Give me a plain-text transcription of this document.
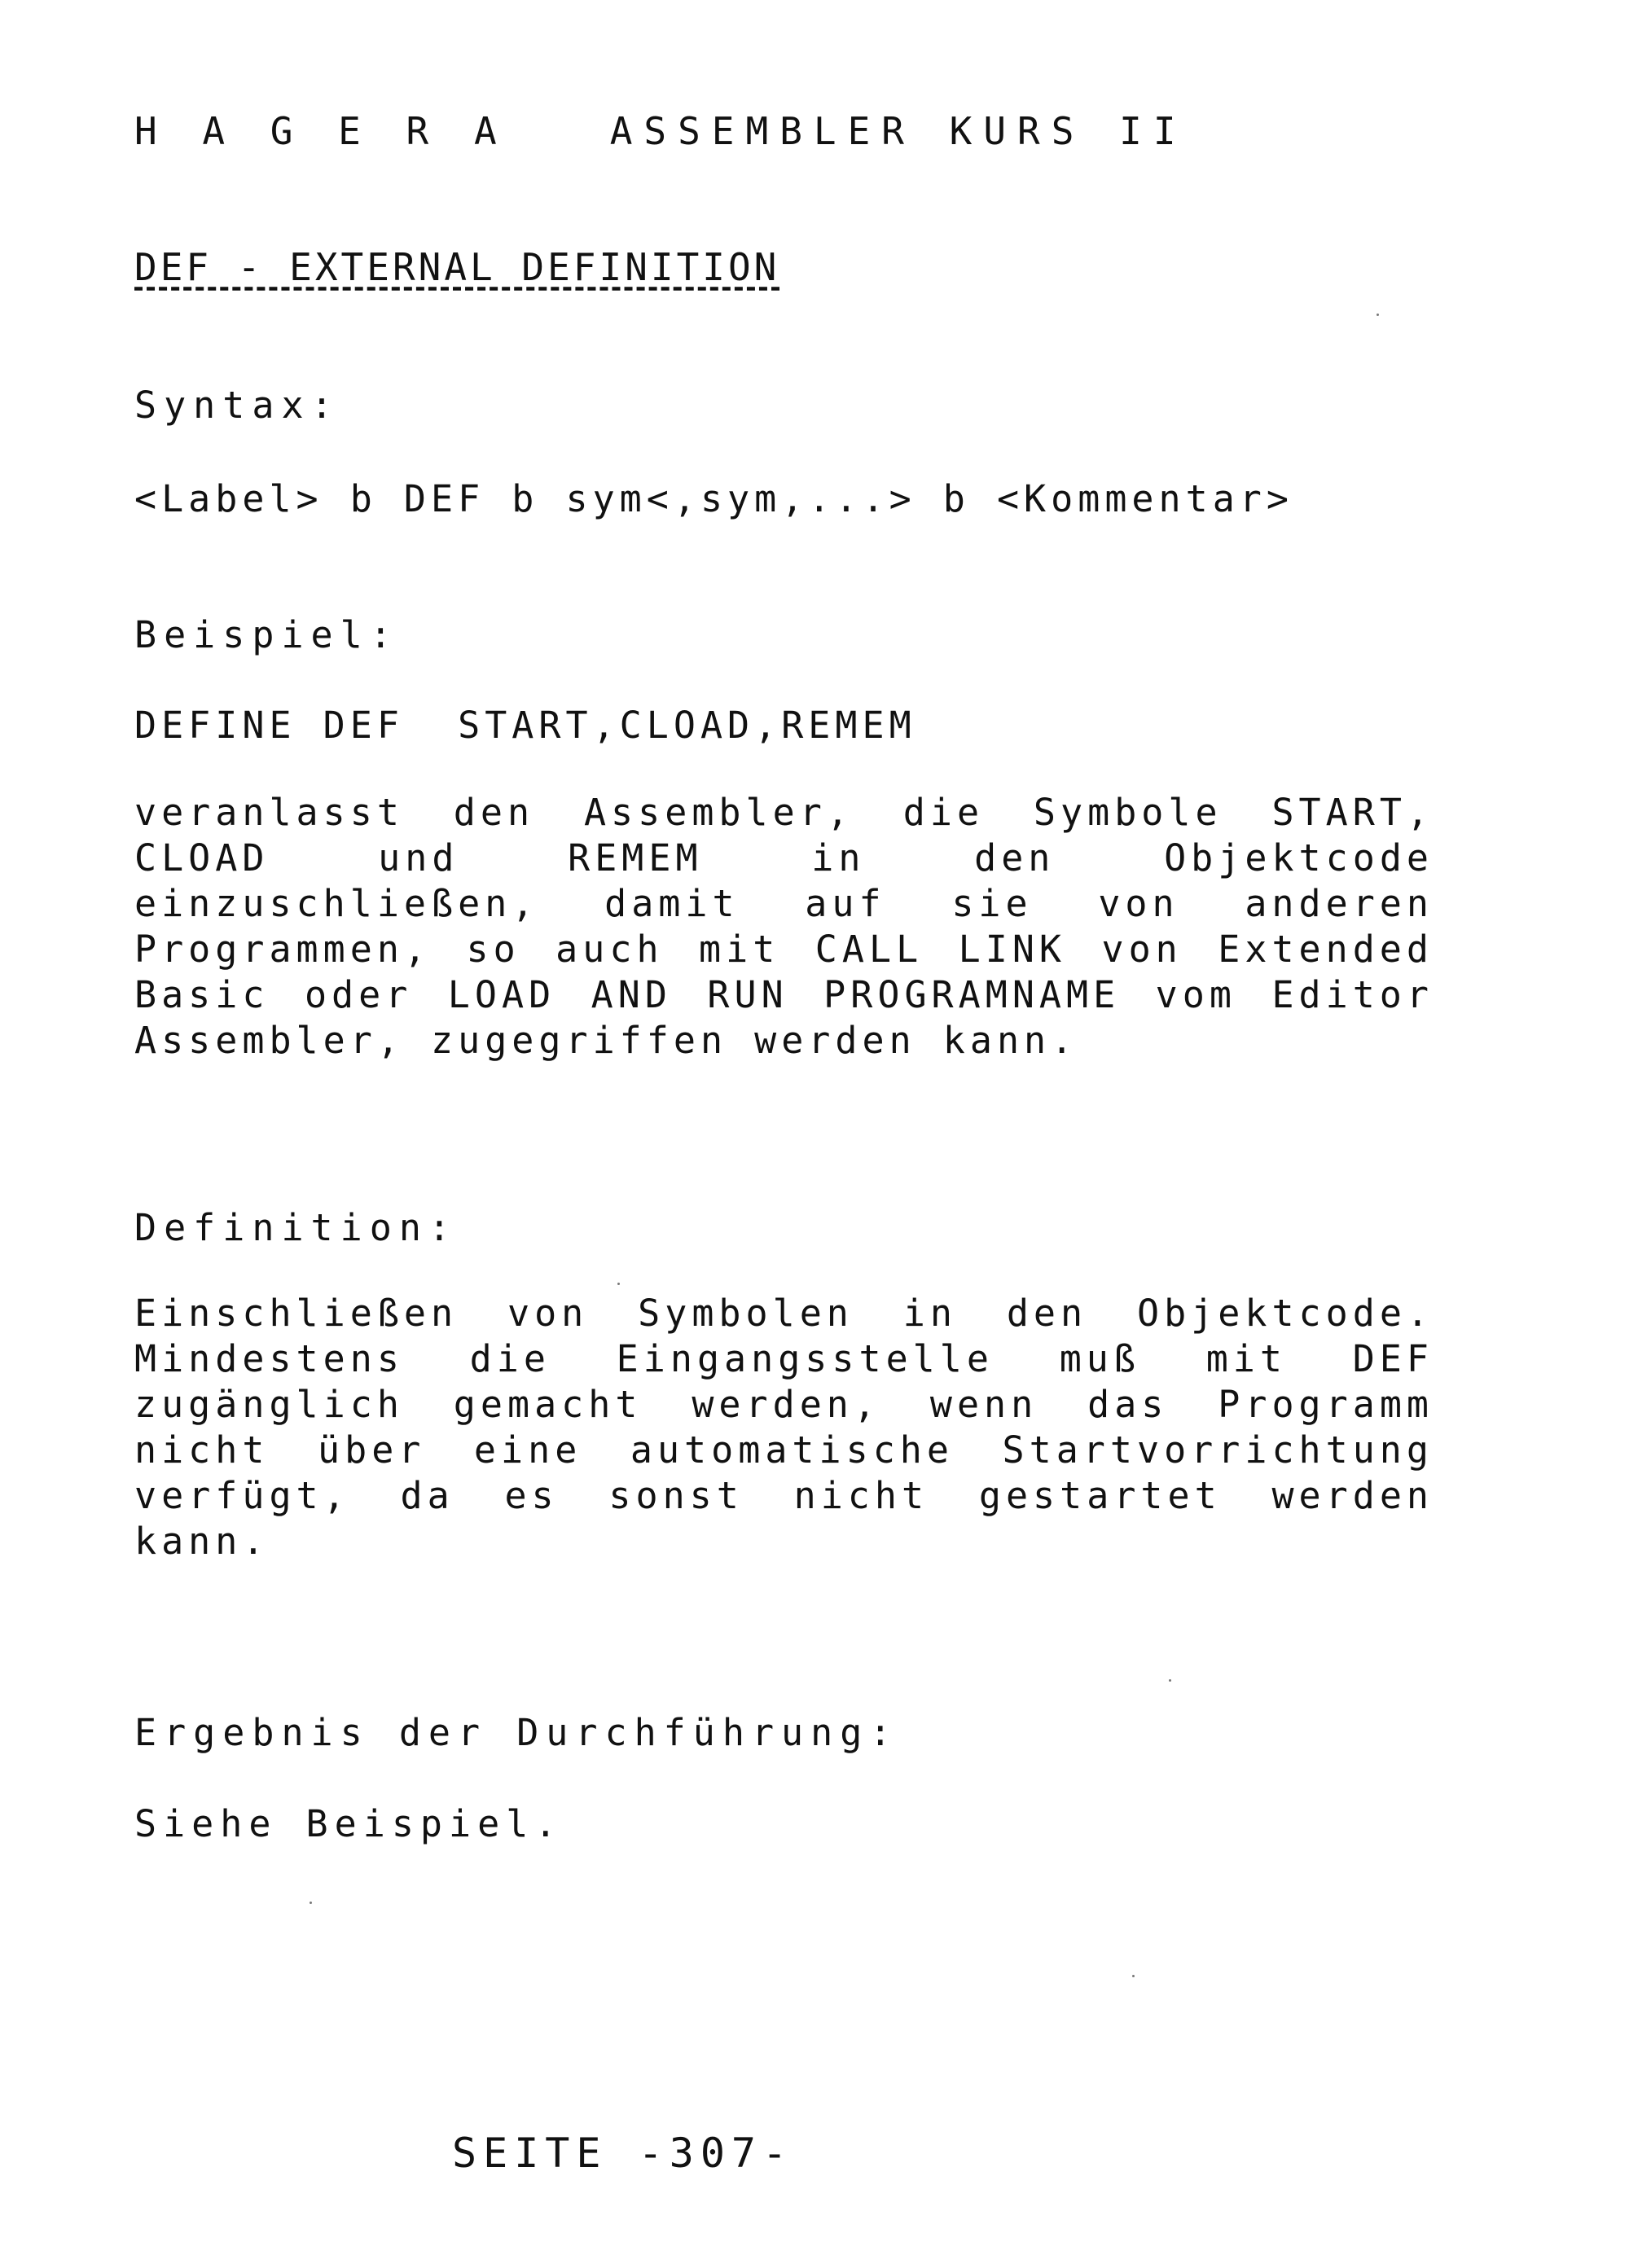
H A G E R A   ASSEMBLER KURS II
DEF - EXTERNAL DEFINITION
Syntax:
<Label> b DEF b sym<,sym,...> b <Kommentar>
Beispiel:
DEFINE DEF  START,CLOAD,REMEM
veranlasst den Assembler, die Symbole START, CLOAD und REMEM in den Objektcode einzuschließen, damit auf sie von anderen Programmen, so auch mit CALL LINK von Extended Basic oder LOAD AND RUN PROGRAMNAME vom Editor Assembler, zugegriffen werden kann.
Definition:
Einschließen von Symbolen in den Objektcode. Mindestens die Eingangsstelle muß mit DEF zugänglich gemacht werden, wenn das Programm nicht über eine automatische Startvorrichtung verfügt, da es sonst nicht gestartet werden kann.
Ergebnis der Durchführung:
Siehe Beispiel.
SEITE -307-
